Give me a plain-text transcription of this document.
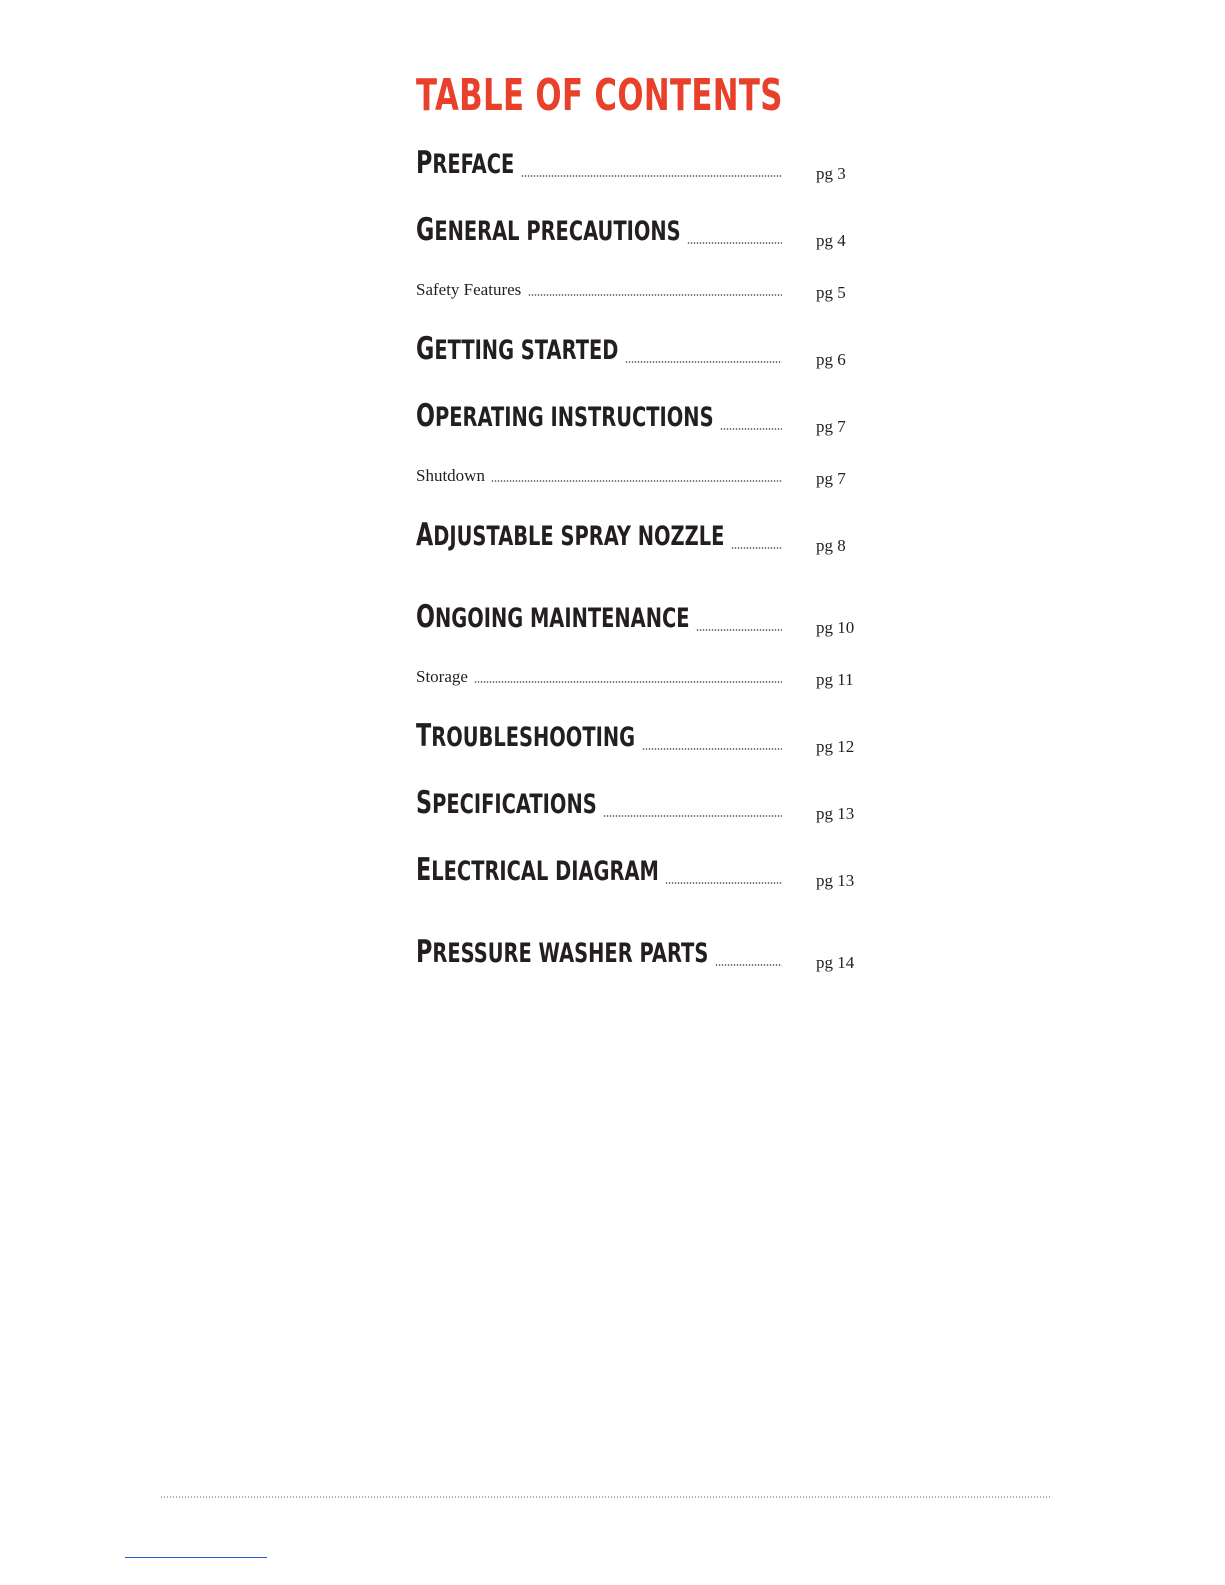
TABLE OF CONTENTS
PREFACE	pg 3
GENERAL PRECAUTIONS	pg 4
Safety Features	pg 5
GETTING STARTED	pg 6
OPERATING INSTRUCTIONS	pg 7
Shutdown	pg 7
ADJUSTABLE SPRAY NOZZLE	pg 8
ONGOING MAINTENANCE	pg 10
Storage	pg 11
TROUBLESHOOTING	pg 12
SPECIFICATIONS	pg 13
ELECTRICAL DIAGRAM	pg 13
PRESSURE WASHER PARTS	pg 14
